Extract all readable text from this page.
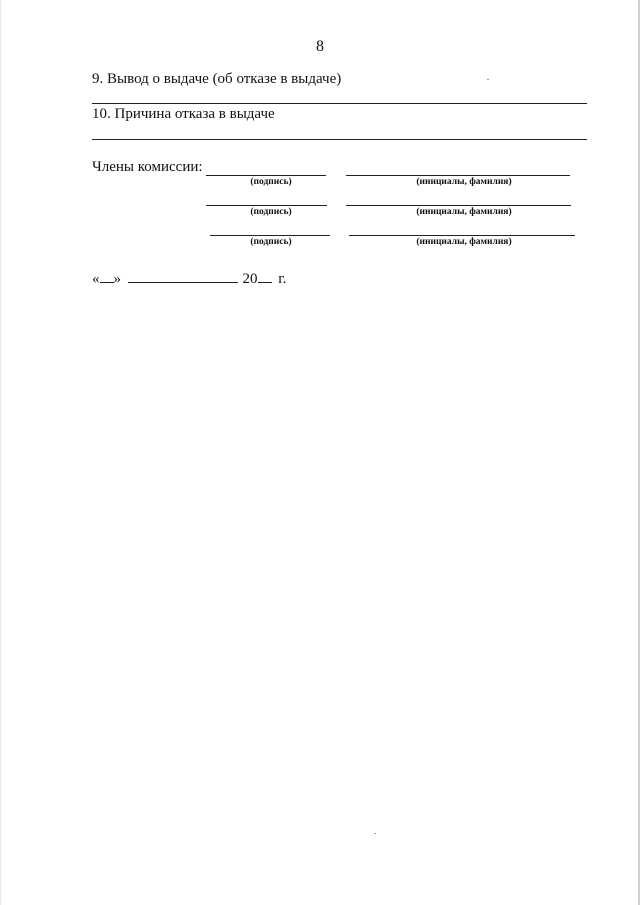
8
9. Вывод о выдаче (об отказе в выдаче)
10. Причина отказа в выдаче
Члены комиссии:
(подпись)	(инициалы, фамилия)
(подпись)	(инициалы, фамилия)
(подпись)	(инициалы, фамилия)
« »	20 г.
